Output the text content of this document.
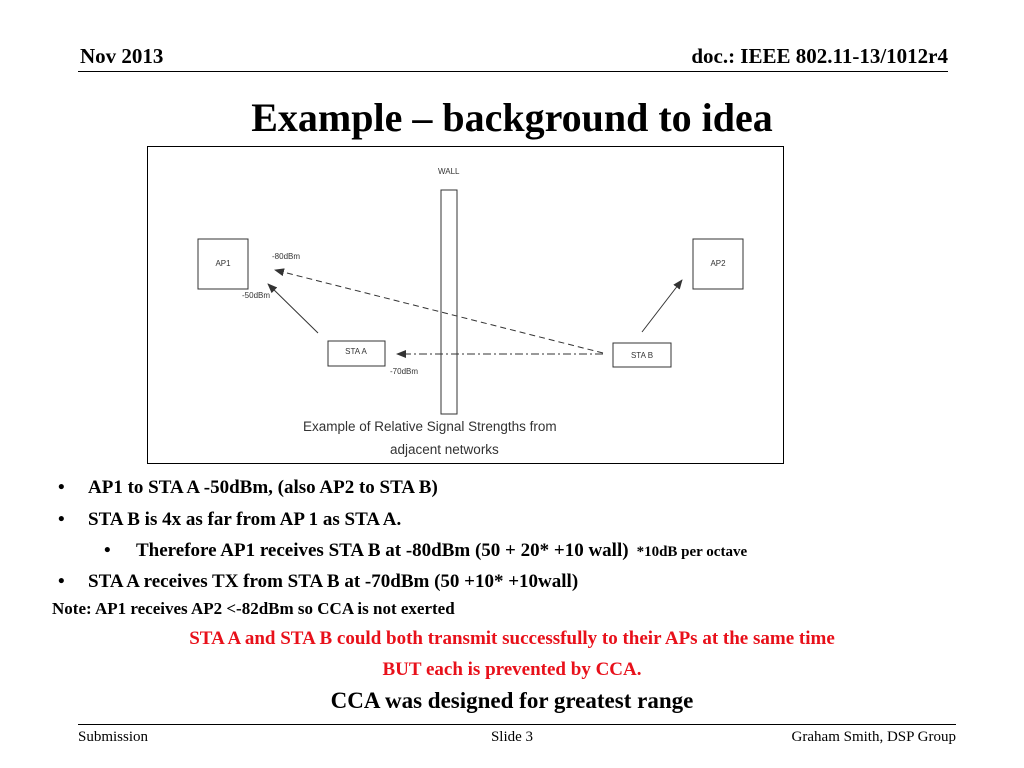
Nov 2013	doc.: IEEE 802.11-13/1012r4
Example – background to idea
WALL
AP1	AP2
STA A	STA B
-80dBm
-50dBm
-70dBm
Example of Relative Signal Strengths from
adjacent networks
• AP1 to STA A -50dBm, (also AP2 to STA B)
• STA B is 4x as far from AP 1 as STA A.
• Therefore AP1 receives STA B at -80dBm (50 + 20* +10 wall) *10dB per octave
• STA A receives TX from STA B at -70dBm (50 +10* +10wall)
Note: AP1 receives AP2 <-82dBm so CCA is not exerted
STA A and STA B could both transmit successfully to their APs at the same time
BUT each is prevented by CCA.
CCA was designed for greatest range
Submission	Slide 3	Graham Smith, DSP Group
